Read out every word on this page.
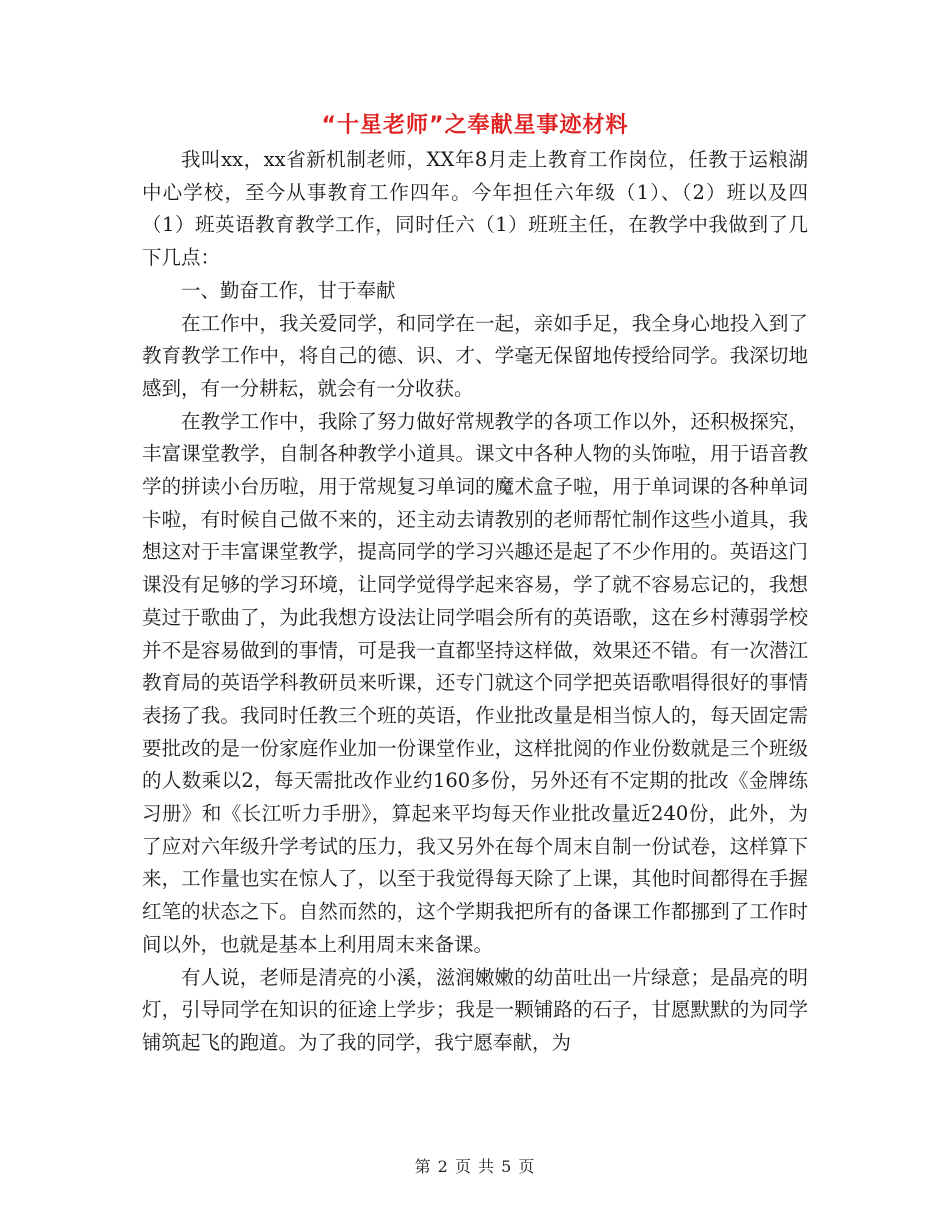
“十星老师”之奉献星事迹材料

我叫xx，xx省新机制老师，XX年8月走上教育工作岗位，任教于运粮湖中心学校，至今从事教育工作四年。今年担任六年级（1）、（2）班以及四（1）班英语教育教学工作，同时任六（1）班班主任，在教学中我做到了几下几点：

一、勤奋工作，甘于奉献

在工作中，我关爱同学，和同学在一起，亲如手足，我全身心地投入到了教育教学工作中，将自己的德、识、才、学毫无保留地传授给同学。我深切地感到，有一分耕耘，就会有一分收获。

在教学工作中，我除了努力做好常规教学的各项工作以外，还积极探究，丰富课堂教学，自制各种教学小道具。课文中各种人物的头饰啦，用于语音教学的拼读小台历啦，用于常规复习单词的魔术盒子啦，用于单词课的各种单词卡啦，有时候自己做不来的，还主动去请教别的老师帮忙制作这些小道具，我想这对于丰富课堂教学，提高同学的学习兴趣还是起了不少作用的。英语这门课没有足够的学习环境，让同学觉得学起来容易，学了就不容易忘记的，我想莫过于歌曲了，为此我想方设法让同学唱会所有的英语歌，这在乡村薄弱学校并不是容易做到的事情，可是我一直都坚持这样做，效果还不错。有一次潜江教育局的英语学科教研员来听课，还专门就这个同学把英语歌唱得很好的事情表扬了我。我同时任教三个班的英语，作业批改量是相当惊人的，每天固定需要批改的是一份家庭作业加一份课堂作业，这样批阅的作业份数就是三个班级的人数乘以2，每天需批改作业约160多份，另外还有不定期的批改《金牌练习册》和《长江听力手册》，算起来平均每天作业批改量近240份，此外，为了应对六年级升学考试的压力，我又另外在每个周末自制一份试卷，这样算下来，工作量也实在惊人了，以至于我觉得每天除了上课，其他时间都得在手握红笔的状态之下。自然而然的，这个学期我把所有的备课工作都挪到了工作时间以外，也就是基本上利用周末来备课。

有人说，老师是清亮的小溪，滋润嫩嫩的幼苗吐出一片绿意；是晶亮的明灯，引导同学在知识的征途上学步；我是一颗铺路的石子，甘愿默默的为同学铺筑起飞的跑道。为了我的同学，我宁愿奉献，为

第 2 页 共 5 页
